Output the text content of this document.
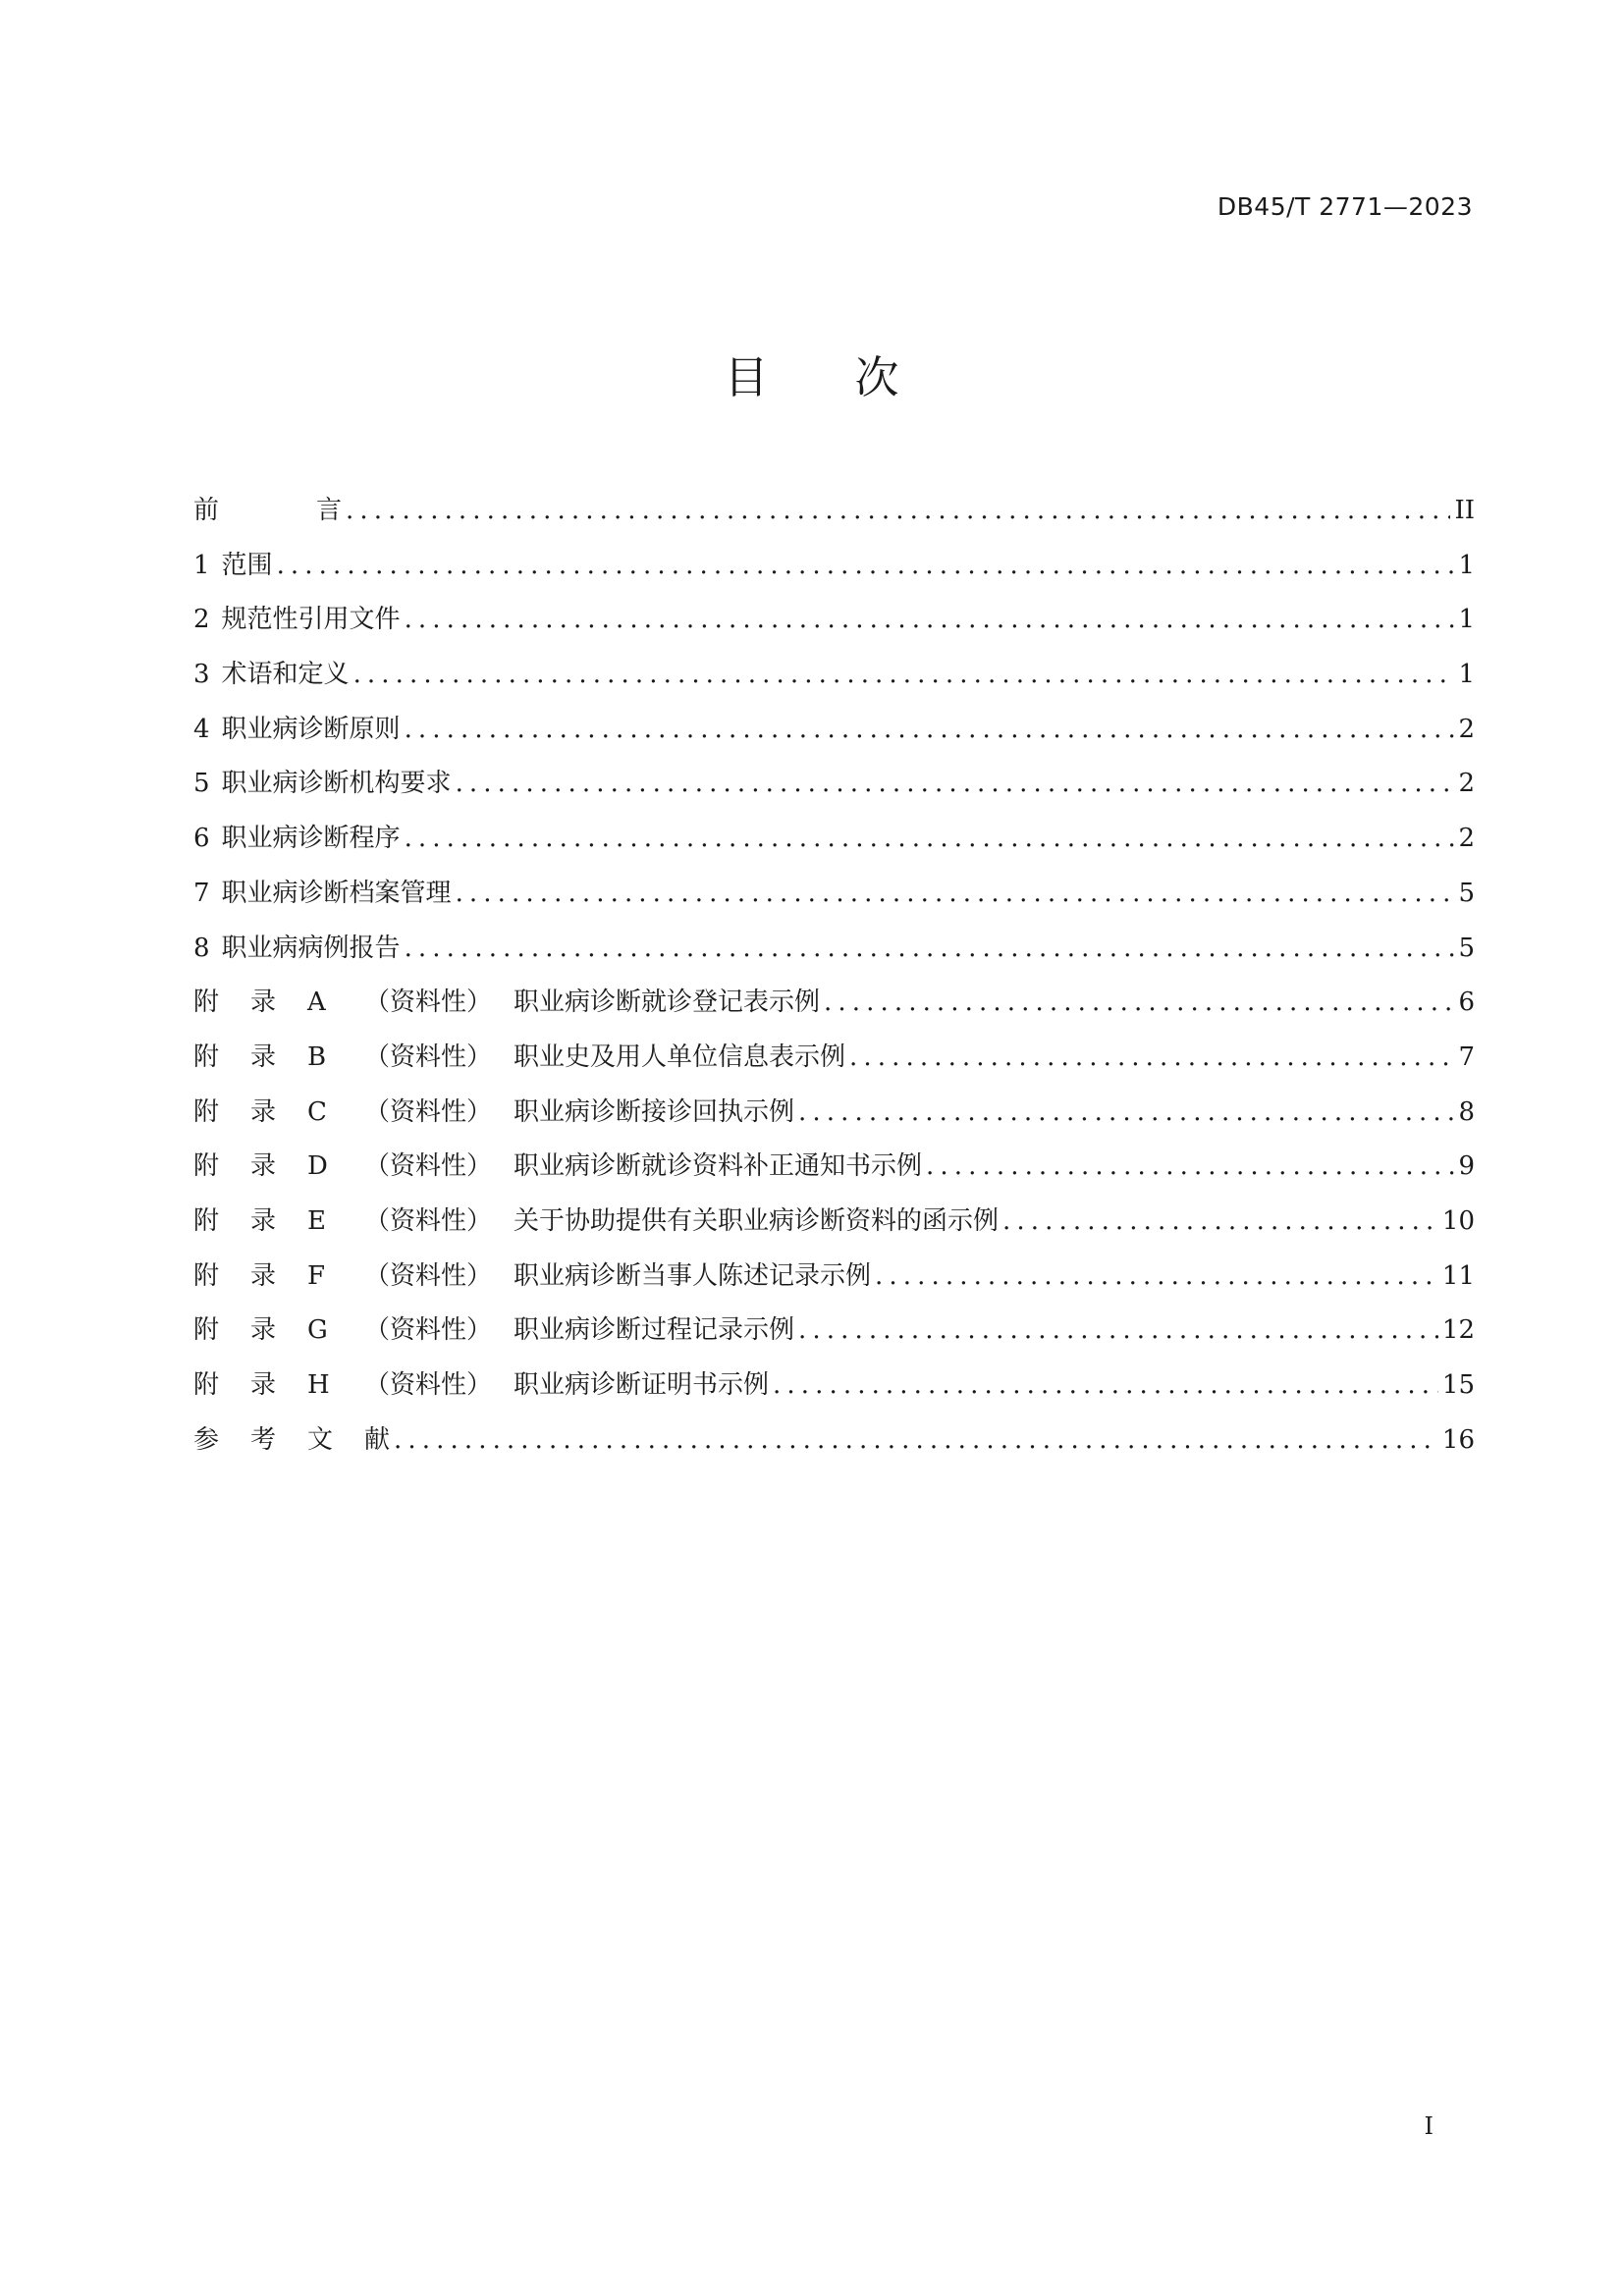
DB45/T 2771—2023
目 次
前	言 .....	II
1 范围 .....	1
2 规范性引用文件 .....	1
3 术语和定义 .....	1
4 职业病诊断原则 .....	2
5 职业病诊断机构要求 .....	2
6 职业病诊断程序 .....	2
7 职业病诊断档案管理 .....	5
8 职业病病例报告 .....	5
附	录	A	（资料性） 职业病诊断就诊登记表示例 .....	6
附	录	B	（资料性） 职业史及用人单位信息表示例 .....	7
附	录	C	（资料性） 职业病诊断接诊回执示例 .....	8
附	录	D	（资料性） 职业病诊断就诊资料补正通知书示例 .....	9
附	录	E	（资料性） 关于协助提供有关职业病诊断资料的函示例 .....	10
附	录	F	（资料性） 职业病诊断当事人陈述记录示例 .....	11
附	录	G	（资料性） 职业病诊断过程记录示例 .....	12
附	录	H	（资料性） 职业病诊断证明书示例 .....	15
参	考	文	献 .....	16
I
